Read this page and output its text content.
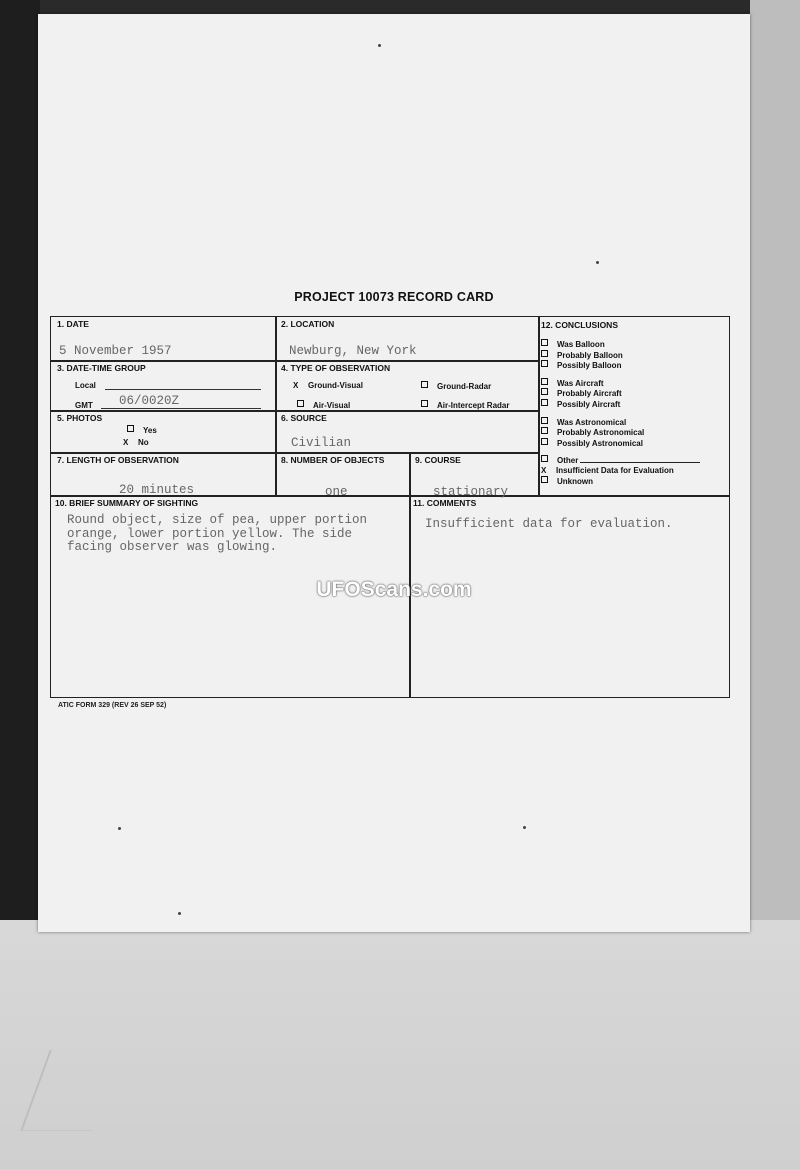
PROJECT 10073 RECORD CARD
1. DATE
5 November 1957
2. LOCATION
Newburg, New York
3. DATE-TIME GROUP
Local
GMT 06/0020Z
4. TYPE OF OBSERVATION
X Ground-Visual	Ground-Radar
Air-Visual	Air-Intercept Radar
5. PHOTOS
Yes
X No
6. SOURCE
Civilian
7. LENGTH OF OBSERVATION
20 minutes
8. NUMBER OF OBJECTS
one
9. COURSE
stationary
10. BRIEF SUMMARY OF SIGHTING
Round object, size of pea, upper portion orange, lower portion yellow. The side facing observer was glowing.
11. COMMENTS
Insufficient data for evaluation.
12. CONCLUSIONS
Was Balloon
Probably Balloon
Possibly Balloon
Was Aircraft
Probably Aircraft
Possibly Aircraft
Was Astronomical
Probably Astronomical
Possibly Astronomical
Other
X Insufficient Data for Evaluation
Unknown
ATIC FORM 329 (REV 26 SEP 52)
UFOScans.com
